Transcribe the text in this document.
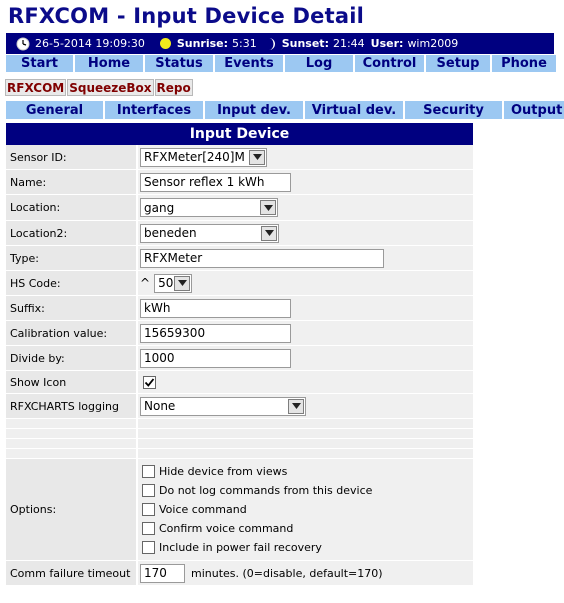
RFXCOM - Input Device Detail
26-5-2014 19:09:30	Sunrise: 5:31 Sunset: 21:44 User: wim2009
Start	Home	Status	Events	Log	Control	Setup	Phone
RFXCOM SqueezeBox Repo
General	Interfaces	Input dev.	Virtual dev.	Security	Output
Input Device
Sensor ID:	RFXMeter[240]M
Name:	Sensor reflex 1 kWh
Location:	gang
Location2:	beneden
Type:	RFXMeter
HS Code:	^ 50
Suffix:	kWh
Calibration value:	15659300
Divide by:	1000
Show Icon
RFXCHARTS logging	None
Options:
Hide device from views
Do not log commands from this device
Voice command
Confirm voice command
Include in power fail recovery
Comm failure timeout	170	minutes. (0=disable, default=170)
